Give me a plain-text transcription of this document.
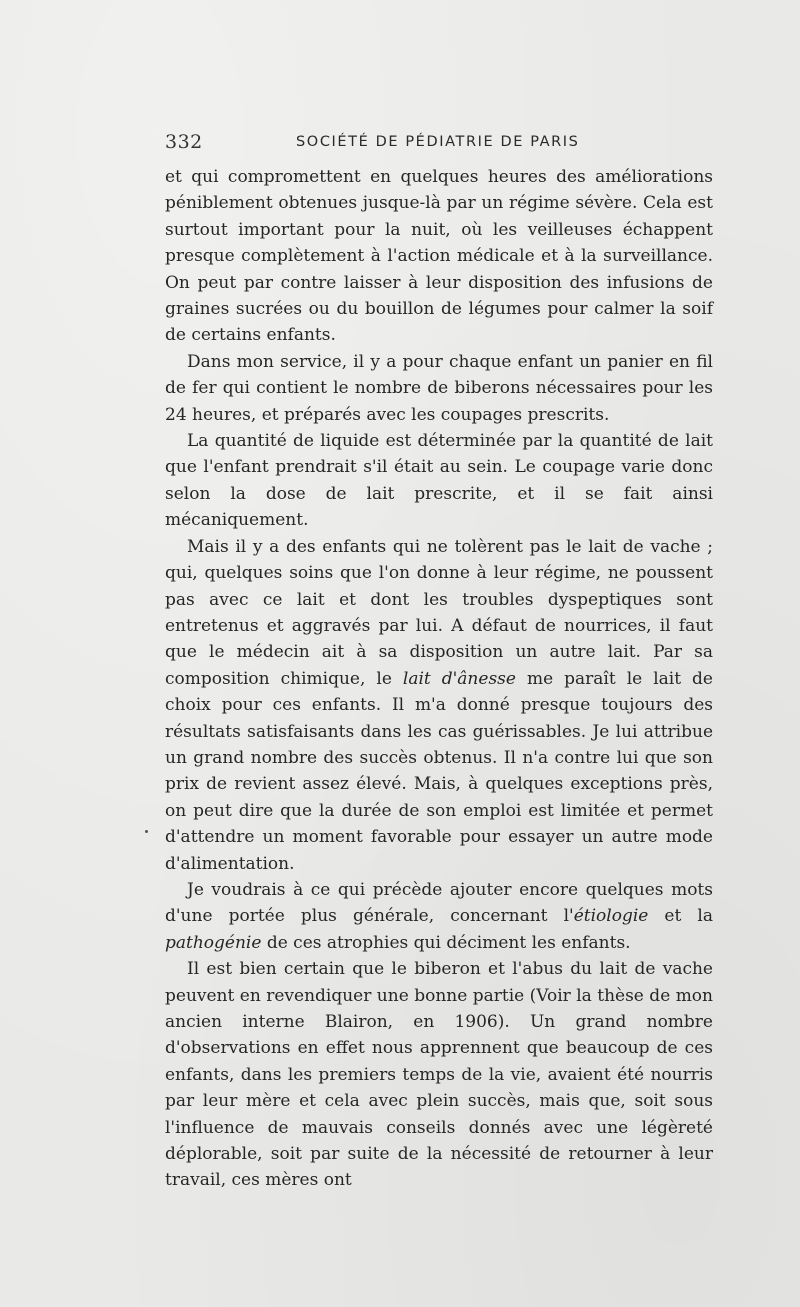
332	SOCIÉTÉ DE PÉDIATRIE DE PARIS

et qui compromettent en quelques heures des améliorations péniblement obtenues jusque-là par un régime sévère. Cela est surtout important pour la nuit, où les veilleuses échappent presque complètement à l'action médicale et à la surveillance. On peut par contre laisser à leur disposition des infusions de graines sucrées ou du bouillon de légumes pour calmer la soif de certains enfants.

Dans mon service, il y a pour chaque enfant un panier en fil de fer qui contient le nombre de biberons nécessaires pour les 24 heures, et préparés avec les coupages prescrits.

La quantité de liquide est déterminée par la quantité de lait que l'enfant prendrait s'il était au sein. Le coupage varie donc selon la dose de lait prescrite, et il se fait ainsi mécaniquement.

Mais il y a des enfants qui ne tolèrent pas le lait de vache ; qui, quelques soins que l'on donne à leur régime, ne poussent pas avec ce lait et dont les troubles dyspeptiques sont entretenus et aggravés par lui. A défaut de nourrices, il faut que le médecin ait à sa disposition un autre lait. Par sa composition chimique, le lait d'ânesse me paraît le lait de choix pour ces enfants. Il m'a donné presque toujours des résultats satisfaisants dans les cas guérissables. Je lui attribue un grand nombre des succès obtenus. Il n'a contre lui que son prix de revient assez élevé. Mais, à quelques exceptions près, on peut dire que la durée de son emploi est limitée et permet d'attendre un moment favorable pour essayer un autre mode d'alimentation.

Je voudrais à ce qui précède ajouter encore quelques mots d'une portée plus générale, concernant l'étiologie et la pathogénie de ces atrophies qui déciment les enfants.

Il est bien certain que le biberon et l'abus du lait de vache peuvent en revendiquer une bonne partie (Voir la thèse de mon ancien interne Blairon, en 1906). Un grand nombre d'observations en effet nous apprennent que beaucoup de ces enfants, dans les premiers temps de la vie, avaient été nourris par leur mère et cela avec plein succès, mais que, soit sous l'influence de mauvais conseils donnés avec une légèreté déplorable, soit par suite de la nécessité de retourner à leur travail, ces mères ont
